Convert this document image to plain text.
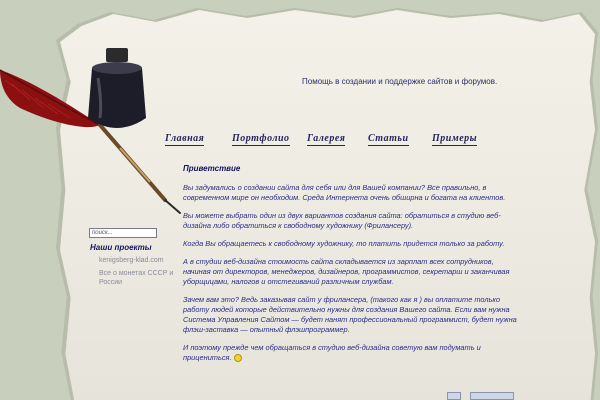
Помощь в создании и поддержке сайтов и форумов.
Главная	Портфолио Галерея Статьи Примеры
поиск...
Наши проекты
kenigsberg-klad.com
Все о монетах СССР и России
Приветствие

Вы задумались о создании сайта для себя или для Вашей компании? Все правильно, в современном мире он необходим. Среда Интернета очень обширна и богата на клиентов.

Вы можете выбрать один из двух вариантов создания сайта: обратиться в студию веб-дизайна либо обратиться к свободному художнику (Фрилансеру).

Когда Вы обращаетесь к свободному художнику, то платить придется только за работу.

А в студии веб-дизайна стоимость сайта складывается из зарплат всех сотрудников, начиная от директоров, менеджеров, дизайнеров, программистов, секретарш и заканчивая уборщицами, налогов и отстегиваний различным службам.

Зачем вам это? Ведь заказывая сайт у фрилансера, (такого как я ) вы оплатите только работу людей которые действительно нужны для создания Вашего сайта. Если вам нужна Система Управления Сайтом — будет нанят профессиональный программист, будет нужна флэш-заставка — опытный флэшпрограммер.

И поэтому прежде чем обращаться в студию веб-дизайна советую вам подумать и прицениться.
